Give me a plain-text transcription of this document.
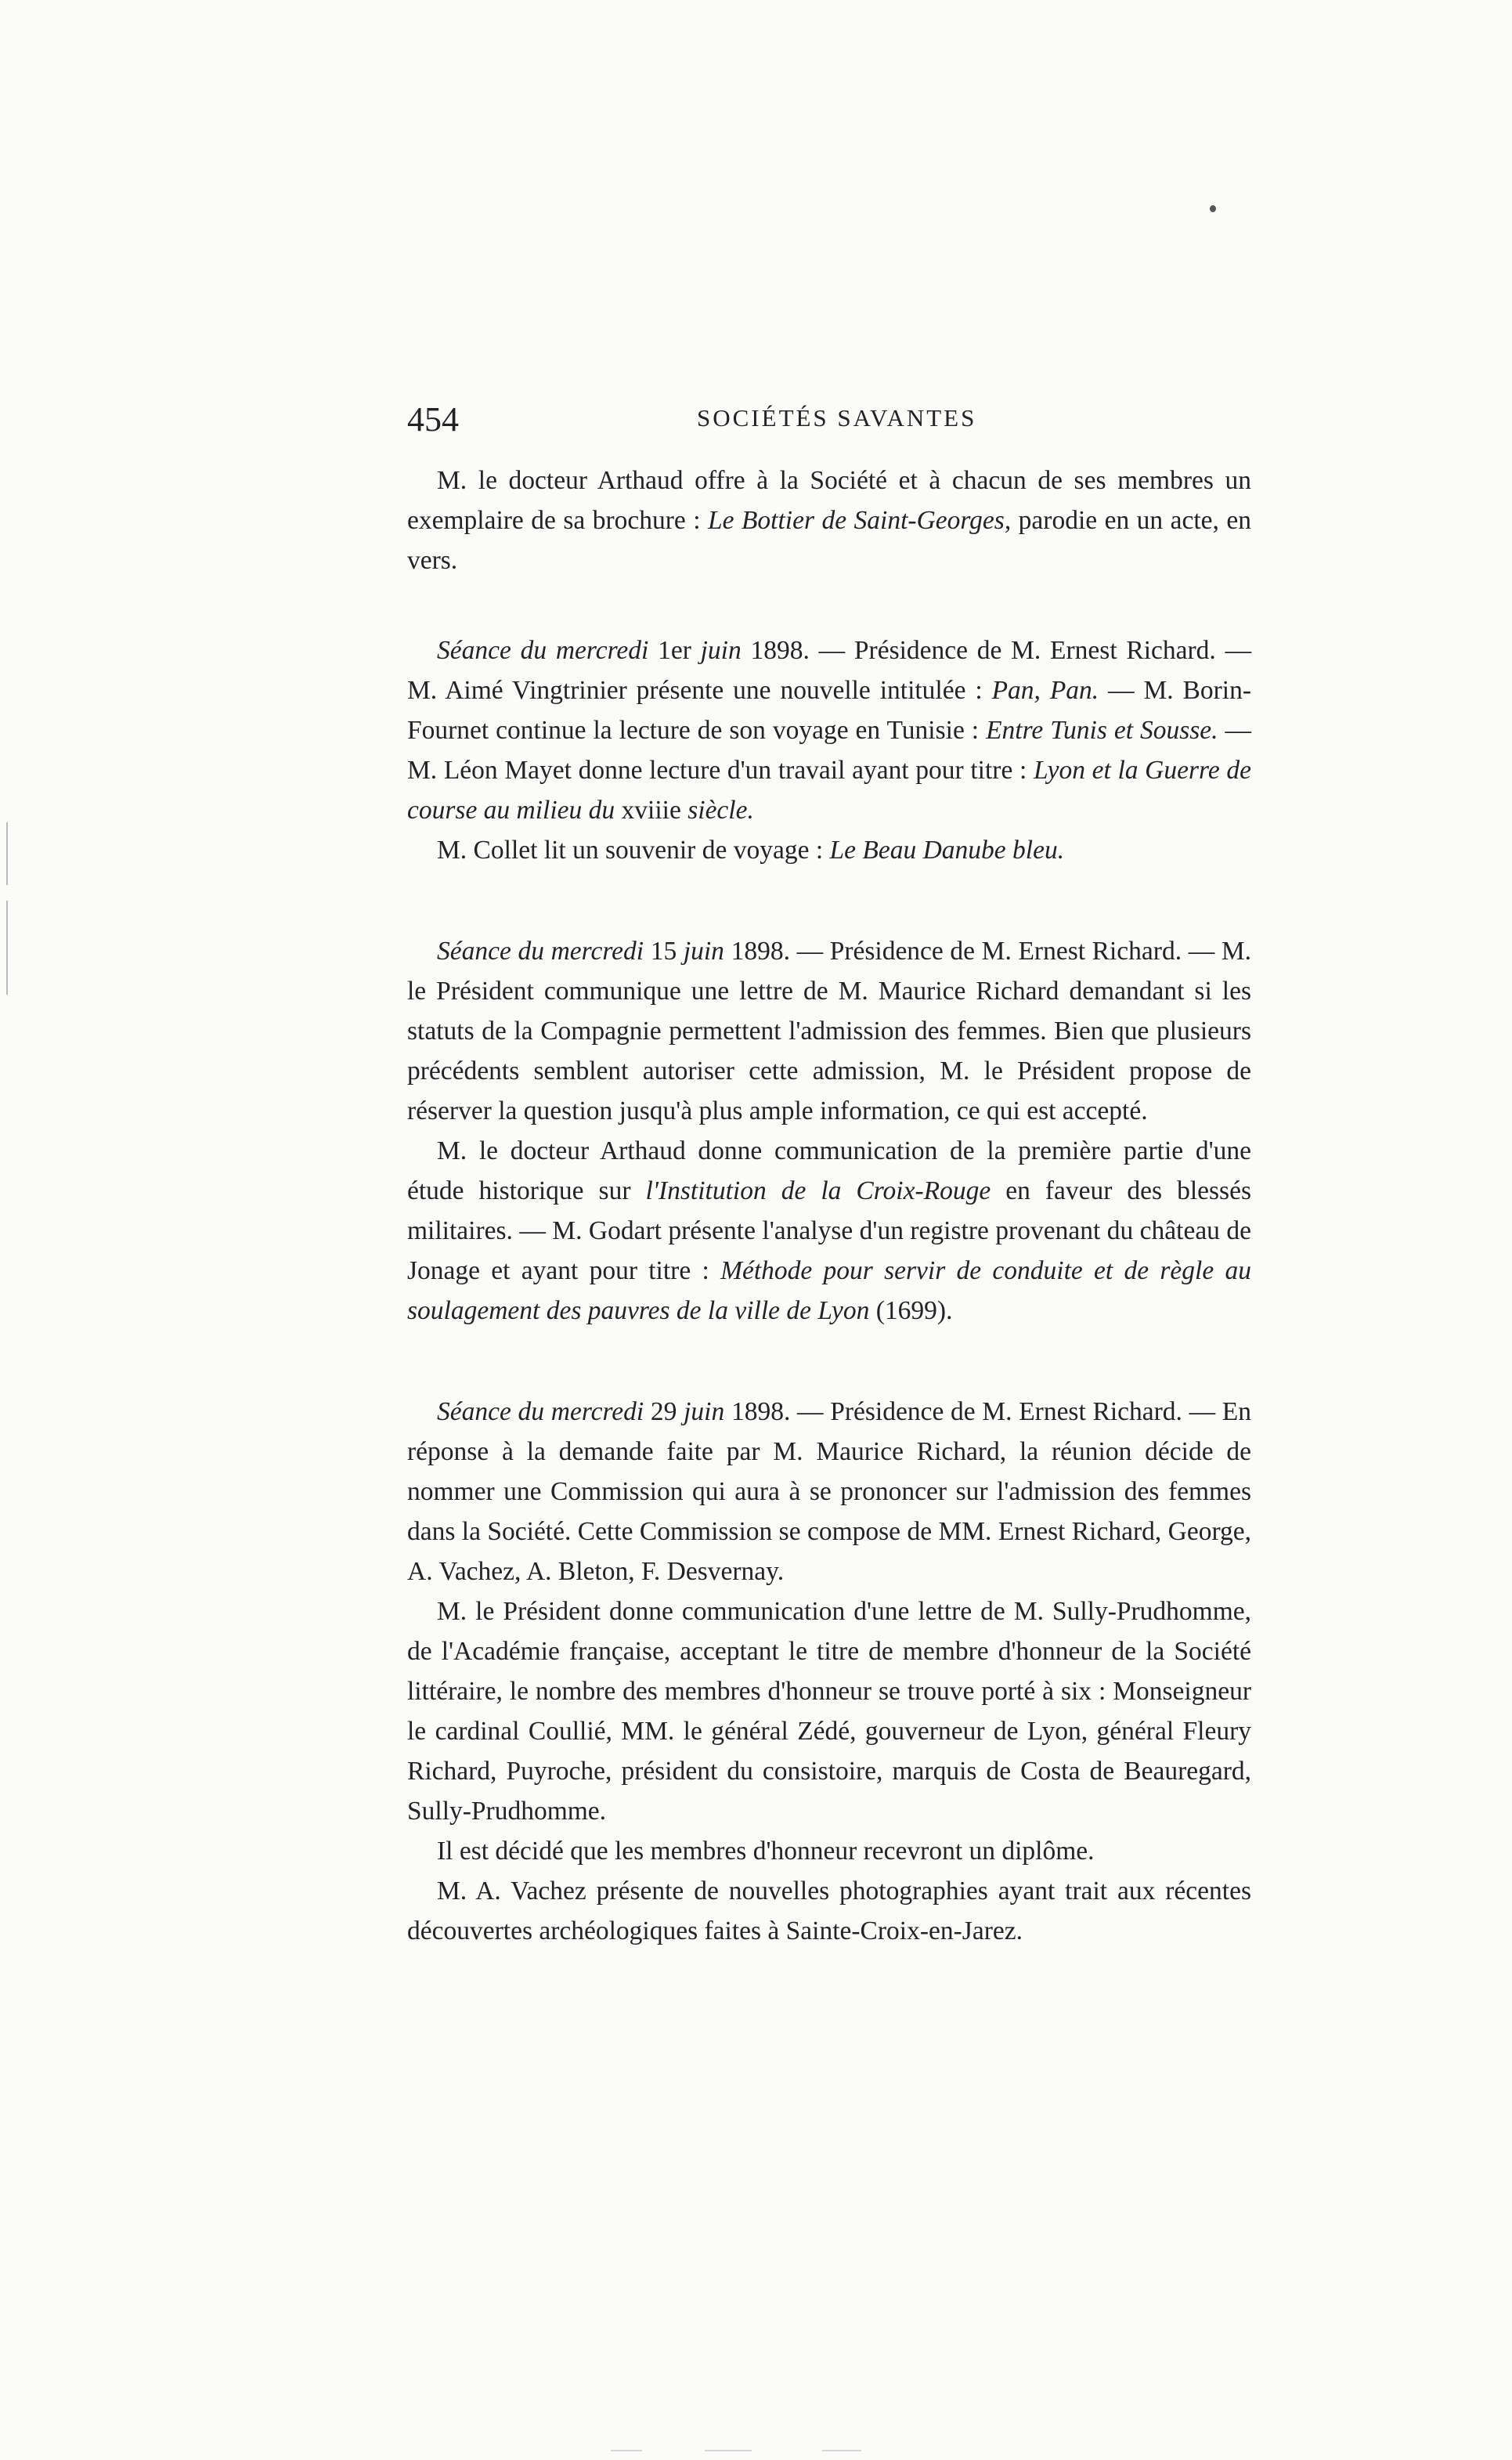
454	SOCIÉTÉS SAVANTES

M. le docteur Arthaud offre à la Société et à chacun de ses membres un exemplaire de sa brochure : Le Bottier de Saint-Georges, parodie en un acte, en vers.

Séance du mercredi 1er juin 1898. — Présidence de M. Ernest Richard. — M. Aimé Vingtrinier présente une nouvelle intitulée : Pan, Pan. — M. Borin-Fournet continue la lecture de son voyage en Tunisie : Entre Tunis et Sousse. — M. Léon Mayet donne lecture d'un travail ayant pour titre : Lyon et la Guerre de course au milieu du xviiie siècle.

M. Collet lit un souvenir de voyage : Le Beau Danube bleu.

Séance du mercredi 15 juin 1898. — Présidence de M. Ernest Richard. — M. le Président communique une lettre de M. Maurice Richard demandant si les statuts de la Compagnie permettent l'admission des femmes. Bien que plusieurs précédents semblent autoriser cette admission, M. le Président propose de réserver la question jusqu'à plus ample information, ce qui est accepté.

M. le docteur Arthaud donne communication de la première partie d'une étude historique sur l'Institution de la Croix-Rouge en faveur des blessés militaires. — M. Godart présente l'analyse d'un registre provenant du château de Jonage et ayant pour titre : Méthode pour servir de conduite et de règle au soulagement des pauvres de la ville de Lyon (1699).

Séance du mercredi 29 juin 1898. — Présidence de M. Ernest Richard. — En réponse à la demande faite par M. Maurice Richard, la réunion décide de nommer une Commission qui aura à se prononcer sur l'admission des femmes dans la Société. Cette Commission se compose de MM. Ernest Richard, George, A. Vachez, A. Bleton, F. Desvernay.

M. le Président donne communication d'une lettre de M. Sully-Prudhomme, de l'Académie française, acceptant le titre de membre d'honneur de la Société littéraire, le nombre des membres d'honneur se trouve porté à six : Monseigneur le cardinal Coullié, MM. le général Zédé, gouverneur de Lyon, général Fleury Richard, Puyroche, président du consistoire, marquis de Costa de Beauregard, Sully-Prudhomme.

Il est décidé que les membres d'honneur recevront un diplôme.

M. A. Vachez présente de nouvelles photographies ayant trait aux récentes découvertes archéologiques faites à Sainte-Croix-en-Jarez.
